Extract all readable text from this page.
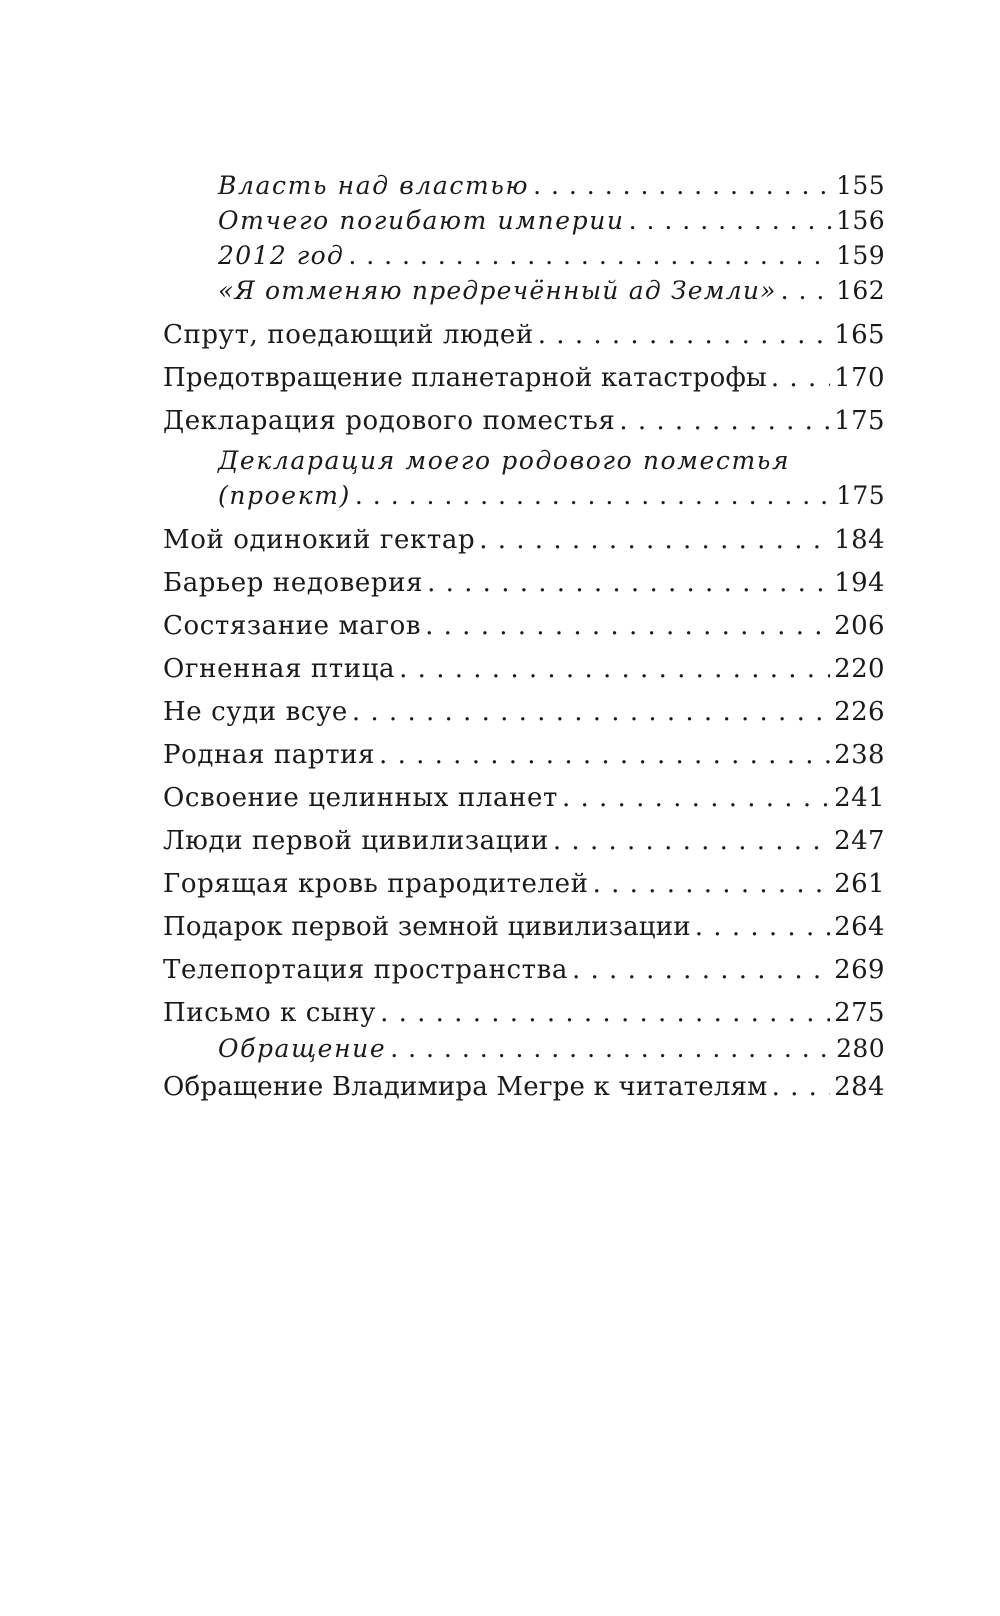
Власть над властью . . .	155
Отчего погибают империи . . .	156
2012 год . . .	159
«Я отменяю предречённый ад Земли» . . . 162
Спрут, поедающий людей . . .	165
Предотвращение планетарной катастрофы . . .	170
Декларация родового поместья . . .	175
Декларация моего родового поместья
(проект) . . .	175
Мой одинокий гектар . . .	184
Барьер недоверия . . .	194
Состязание магов . . .	206
Огненная птица . . .	220
Не суди всуе . . .	226
Родная партия . . .	238
Освоение целинных планет . . .	241
Люди первой цивилизации . . .	247
Горящая кровь прародителей . . .	261
Подарок первой земной цивилизации . . .	264
Телепортация пространства . . .	269
Письмо к сыну . . .	275
Обращение . . .	280
Обращение Владимира Мегре к читателям . . .	284
